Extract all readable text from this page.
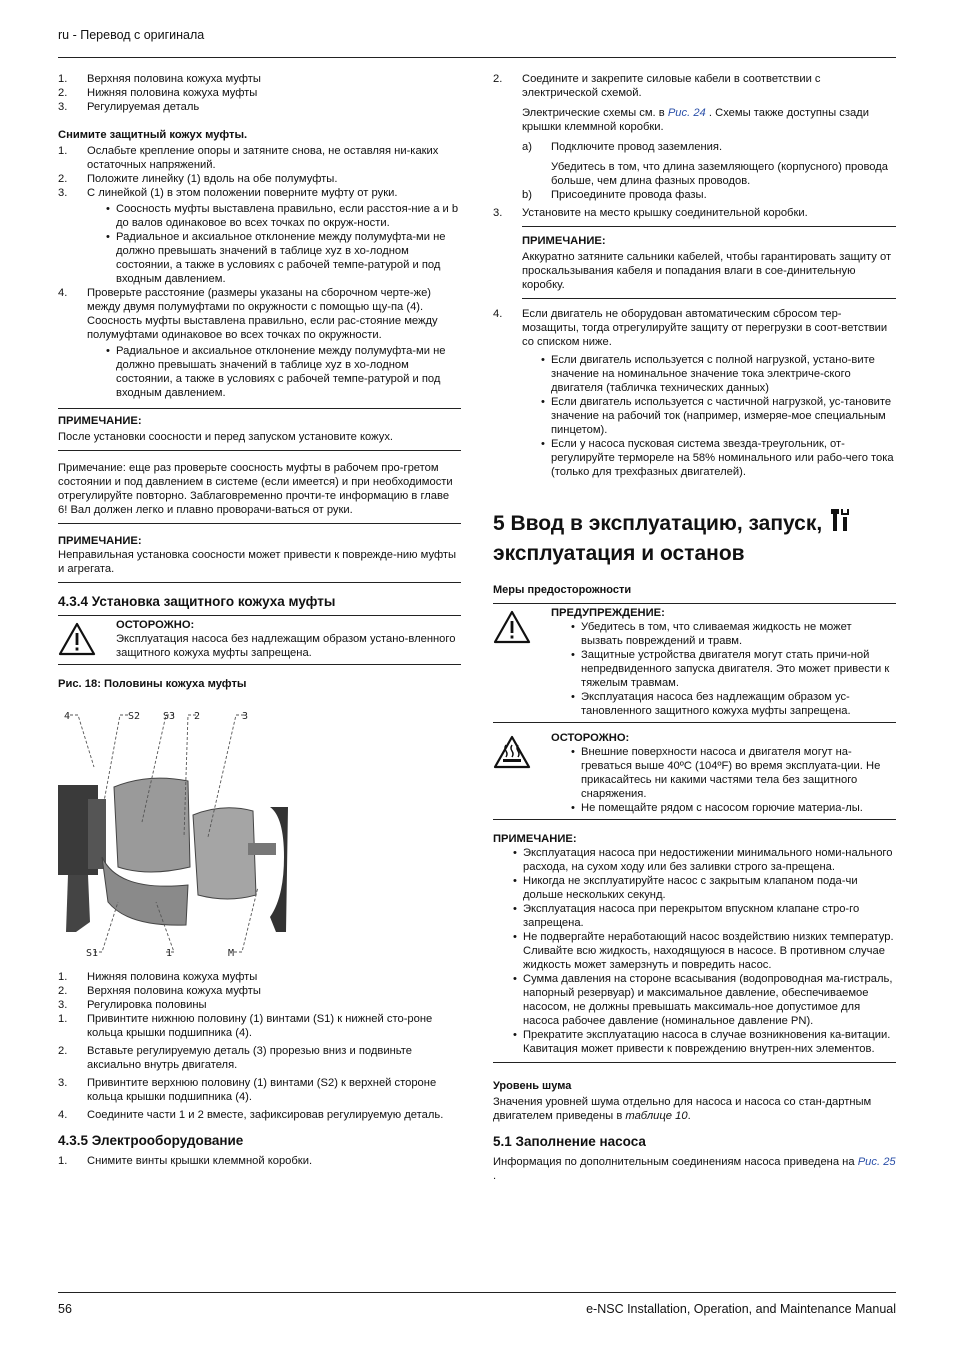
ru - Перевод с оригинала
1.	Верхняя половина кожуха муфты
2.	Нижняя половина кожуха муфты
3.	Регулируемая деталь
Снимите защитный кожух муфты.
1.	Ослабьте крепление опоры и затяните снова, не оставляя ни-какиx остаточных напряжений.
2.	Положите линейку (1) вдоль на обе полумуфты.
3.	С линейкой (1) в этом положении поверните муфту от руки.
• Соосность муфты выставлена правильно, если расстоя-ние a и b до валов одинаковое во всех точках по окруж-ности.
• Радиальное и аксиальное отклонение между полумуфта-ми не должно превышать значений в таблице xyz в хо-лодном состоянии, а также в условиях с рабочей темпе-ратурой и под входным давлением.
4.	Проверьте расстояние (размеры указаны на сборочном черте-же) между двумя полумуфтами по окружности с помощью щу-па (4). Соосность муфты выставлена правильно, если рас-стояние между полумуфтами одинаковое во всех точках по окружности.
• Радиальное и аксиальное отклонение между полумуфта-ми не должно превышать значений в таблице xyz в хо-лодном состоянии, а также в условиях с рабочей темпе-ратурой и под входным давлением.
ПРИМЕЧАНИЕ:
После установки соосности и перед запуском установите кожух.
Примечание: еще раз проверьте соосность муфты в рабочем про-гретом состоянии и под давлением в системе (если имеется) и при необходимости отрегулируйте повторно. Заблаговременно прочти-те информацию в главе 6! Вал должен легко и плавно проворачи-ваться от руки.
ПРИМЕЧАНИЕ:
Неправильная установка соосности может привести к поврежде-нию муфты и агрегата.
4.3.4 Установка защитного кожуха муфты
ОСТОРОЖНО:
Эксплуатация насоса без надлежащим образом устано-вленного защитного кожуха муфты запрещена.
Рис. 18: Половины кожуха муфты
4	S2 S3 2	3
S1	1	M
1.	Нижняя половина кожуха муфты
2.	Верхняя половина кожуха муфты
3.	Регулировка половины
1.	Привинтите нижнюю половину (1) винтами (S1) к нижней сто-роне кольца крышки подшипника (4).
2.	Вставьте регулируемую деталь (3) прорезью вниз и подвиньте аксиально внутрь двигателя.
3.	Привинтите верхнюю половину (1) винтами (S2) к верхней стороне кольца крышки подшипника (4).
4.	Соедините части 1 и 2 вместе, зафиксировав регулируемую деталь.
4.3.5 Электрооборудование
1.	Снимите винты крышки клеммной коробки.
2.	Соедините и закрепите силовые кабели в соответствии с электрической схемой.
Электрические схемы см. в Рис. 24 . Схемы также доступны сзади крышки клеммной коробки.
a)	Подключите провод заземления.
Убедитесь в том, что длина заземляющего (корпусного) провода больше, чем длина фазных проводов.
b)	Присоедините провода фазы.
3.	Установите на место крышку соединительной коробки.
ПРИМЕЧАНИЕ:
Аккуратно затяните сальники кабелей, чтобы гарантировать защиту от проскальзывания кабеля и попадания влаги в сое-динительную коробку.
4.	Если двигатель не оборудован автоматическим сбросом тер-мозащиты, тогда отрегулируйте защиту от перегрузки в соот-ветствии со списком ниже.
• Если двигатель используется с полной нагрузкой, устано-вите значение на номинальное значение тока электриче-ского двигателя (табличка технических данных)
• Если двигатель используется с частичной нагрузкой, ус-тановите значение на рабочий ток (например, измеряе-мое специальным пинцетом).
• Если у насоса пусковая система звезда-треугольник, от-регулируйте термореле на 58% номинального или рабо-чего тока (только для трехфазных двигателей).
5 Ввод в эксплуатацию, запуск,
эксплуатация и останов
Меры предосторожности
ПРЕДУПРЕЖДЕНИЕ:
• Убедитесь в том, что сливаемая жидкость не может вызвать повреждений и травм.
• Защитные устройства двигателя могут стать причи-ной непредвиденного запуска двигателя. Это может привести к тяжелым травмам.
• Эксплуатация насоса без надлежащим образом ус-тановленного защитного кожуха муфты запрещена.
ОСТОРОЖНО:
• Внешние поверхности насоса и двигателя могут на-греваться выше 40ºC (104ºF) во время эксплуата-ции. Не прикасайтесь ни какими частями тела без защитного снаряжения.
• Не помещайте рядом с насосом горючие материа-лы.
ПРИМЕЧАНИЕ:
• Эксплуатация насоса при недостижении минимального номи-нального расхода, на сухом ходу или без заливки строго за-прещена.
• Никогда не эксплуатируйте насос с закрытым клапаном пода-чи дольше нескольких секунд.
• Эксплуатация насоса при перекрытом впускном клапане стро-го запрещена.
• Не подвергайте неработающий насос воздействию низких температур. Сливайте всю жидкость, находящуюся в насосе. В противном случае жидкость может замерзнуть и повредить насос.
• Сумма давления на стороне всасывания (водопроводная ма-гистраль, напорный резервуар) и максимальное давление, обеспечиваемое насосом, не должны превышать максималь-ное допустимое для насоса рабочее давление (номинальное давление PN).
• Прекратите эксплуатацию насоса в случае возникновения ка-витации. Кавитация может привести к повреждению внутрен-них элементов.
Уровень шума
Значения уровней шума отдельно для насоса и насоса со стан-дартным двигателем приведены в таблице 10.
5.1 Заполнение насоса
Информация по дополнительным соединениям насоса приведена на Рис. 25 .
56	e-NSC Installation, Operation, and Maintenance Manual
